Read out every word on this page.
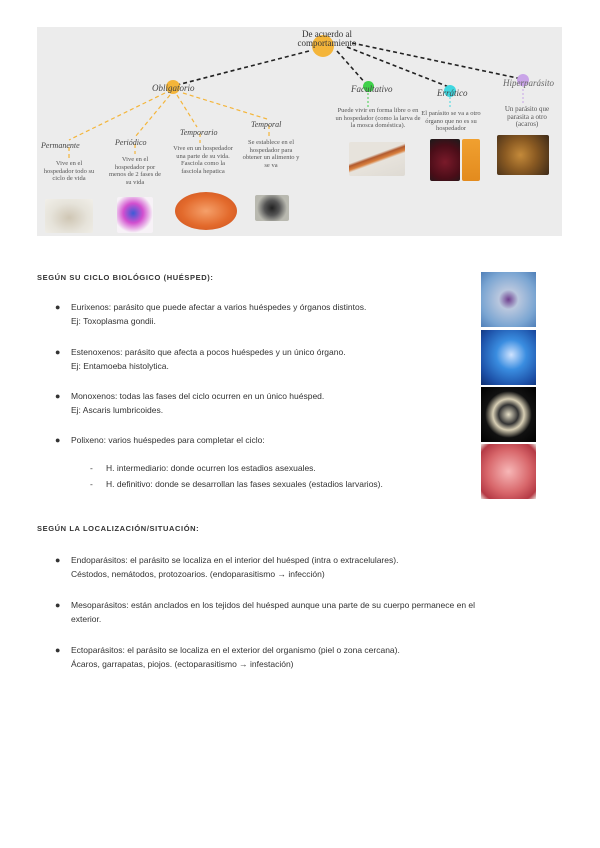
De acuerdo al comportamiento
Obligatorio	Facultativo
Puede vivir en forma libre o en un hospedador (como la larva de la mosca doméstica).
Errático
El parásito se va a otro órgano que no es su hospedador
Hiperparásito
Un parásito que parasita a otro (acaros)
Permanente
Vive en el hospedador todo su ciclo de vida
Periódico
Vive en el hospedador por menos de 2 fases de su vida
Temporario
Vive en un hospedador una parte de su vida. Fasciola como la fasciola hepatica
Temporal
Se establece en el hospedador para obtener un alimento y se va
SEGÚN SU CICLO BIOLÓGICO (HUÉSPED):
● Eurixenos: parásito que puede afectar a varios huéspedes y órganos distintos.
Ej: Toxoplasma gondii.
● Estenoxenos: parásito que afecta a pocos huéspedes y un único órgano.
Ej: Entamoeba histolytica.
● Monoxenos: todas las fases del ciclo ocurren en un único huésped.
Ej: Ascaris lumbricoides.
● Polixeno: varios huéspedes para completar el ciclo:
- H. intermediario: donde ocurren los estadios asexuales.
- H. definitivo: donde se desarrollan las fases sexuales (estadios larvarios).
SEGÚN LA LOCALIZACIÓN/SITUACIÓN:
● Endoparásitos: el parásito se localiza en el interior del huésped (intra o extracelulares).
Céstodos, nemátodos, protozoarios. (endoparasitismo → infección)
● Mesoparásitos: están anclados en los tejidos del huésped aunque una parte de su cuerpo permanece en el
exterior.
● Ectoparásitos: el parásito se localiza en el exterior del organismo (piel o zona cercana).
Ácaros, garrapatas, piojos. (ectoparasitismo → infestación)
